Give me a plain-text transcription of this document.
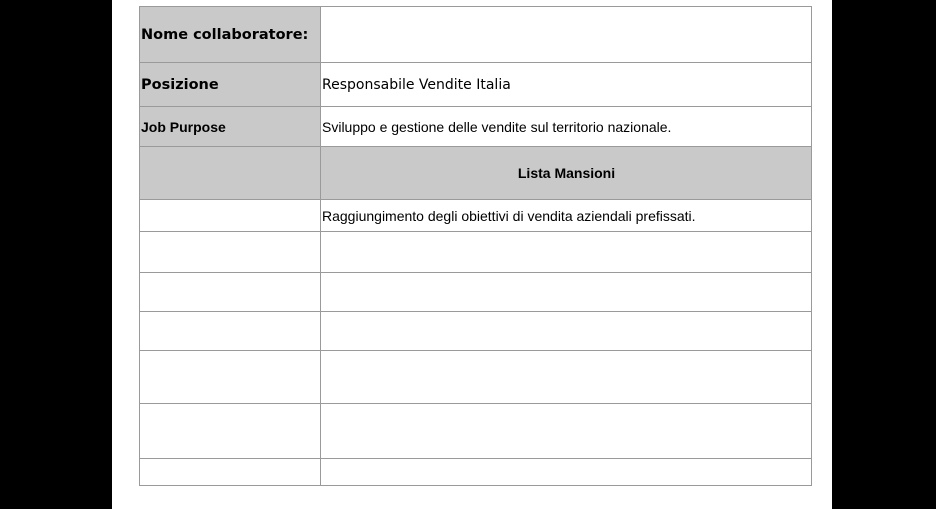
Nome collaboratore:	
Posizione	Responsabile Vendite Italia
Job Purpose	Sviluppo e gestione delle vendite sul territorio nazionale.
	Lista Mansioni
	Raggiungimento degli obiettivi di vendita aziendali prefissati.
